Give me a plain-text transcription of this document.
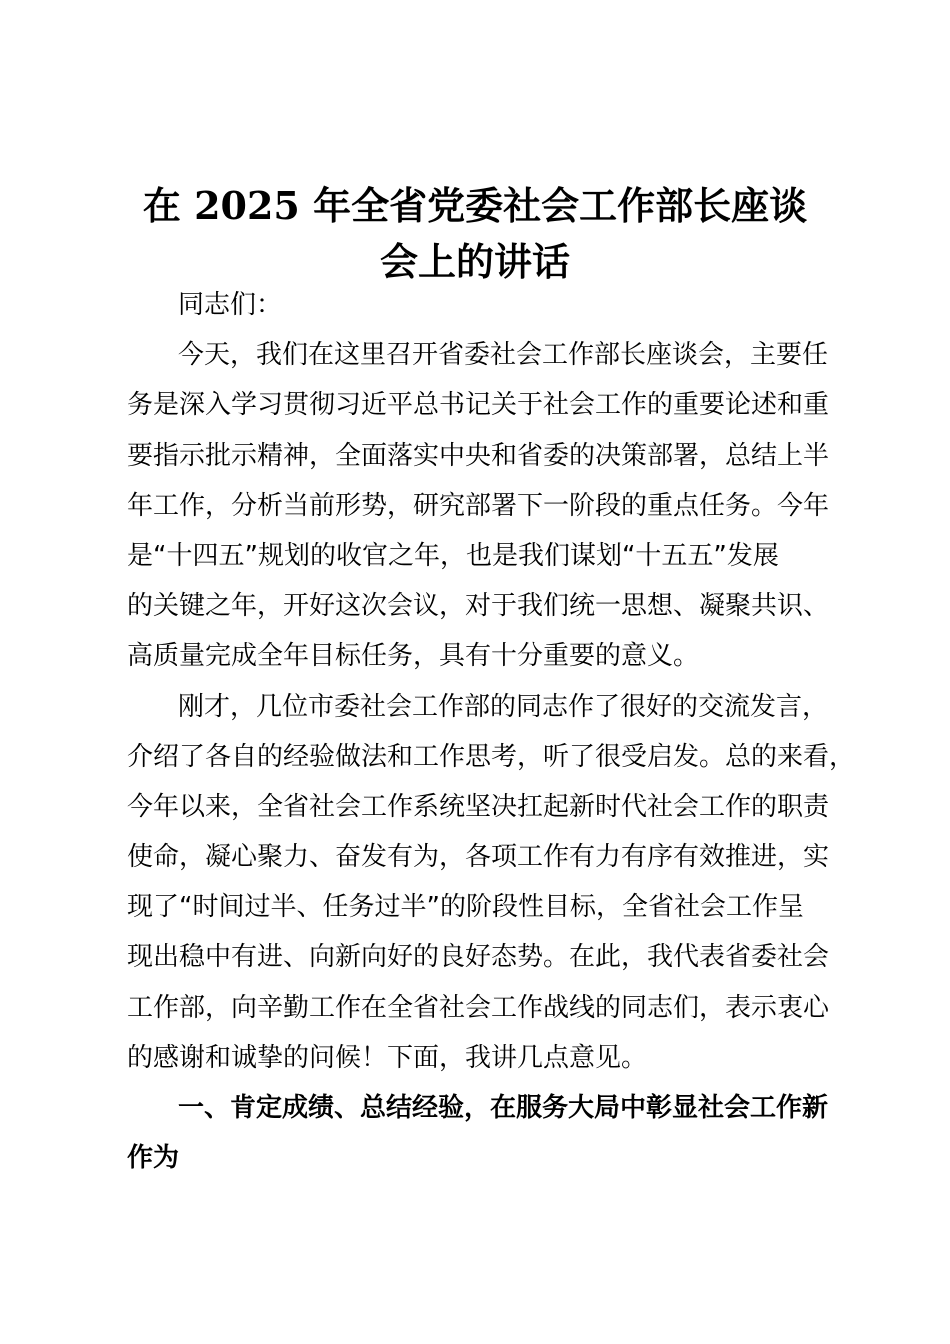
在 2025 年全省党委社会工作部长座谈
会上的讲话
同志们：
今天，我们在这里召开省委社会工作部长座谈会，主要任
务是深入学习贯彻习近平总书记关于社会工作的重要论述和重
要指示批示精神，全面落实中央和省委的决策部署，总结上半
年工作，分析当前形势，研究部署下一阶段的重点任务。今年
是“十四五”规划的收官之年，也是我们谋划“十五五”发展
的关键之年，开好这次会议，对于我们统一思想、凝聚共识、
高质量完成全年目标任务，具有十分重要的意义。
刚才，几位市委社会工作部的同志作了很好的交流发言，
介绍了各自的经验做法和工作思考，听了很受启发。总的来看，
今年以来，全省社会工作系统坚决扛起新时代社会工作的职责
使命，凝心聚力、奋发有为，各项工作有力有序有效推进，实
现了“时间过半、任务过半”的阶段性目标，全省社会工作呈
现出稳中有进、向新向好的良好态势。在此，我代表省委社会
工作部，向辛勤工作在全省社会工作战线的同志们，表示衷心
的感谢和诚挚的问候！下面，我讲几点意见。
一、肯定成绩、总结经验，在服务大局中彰显社会工作新
作为
